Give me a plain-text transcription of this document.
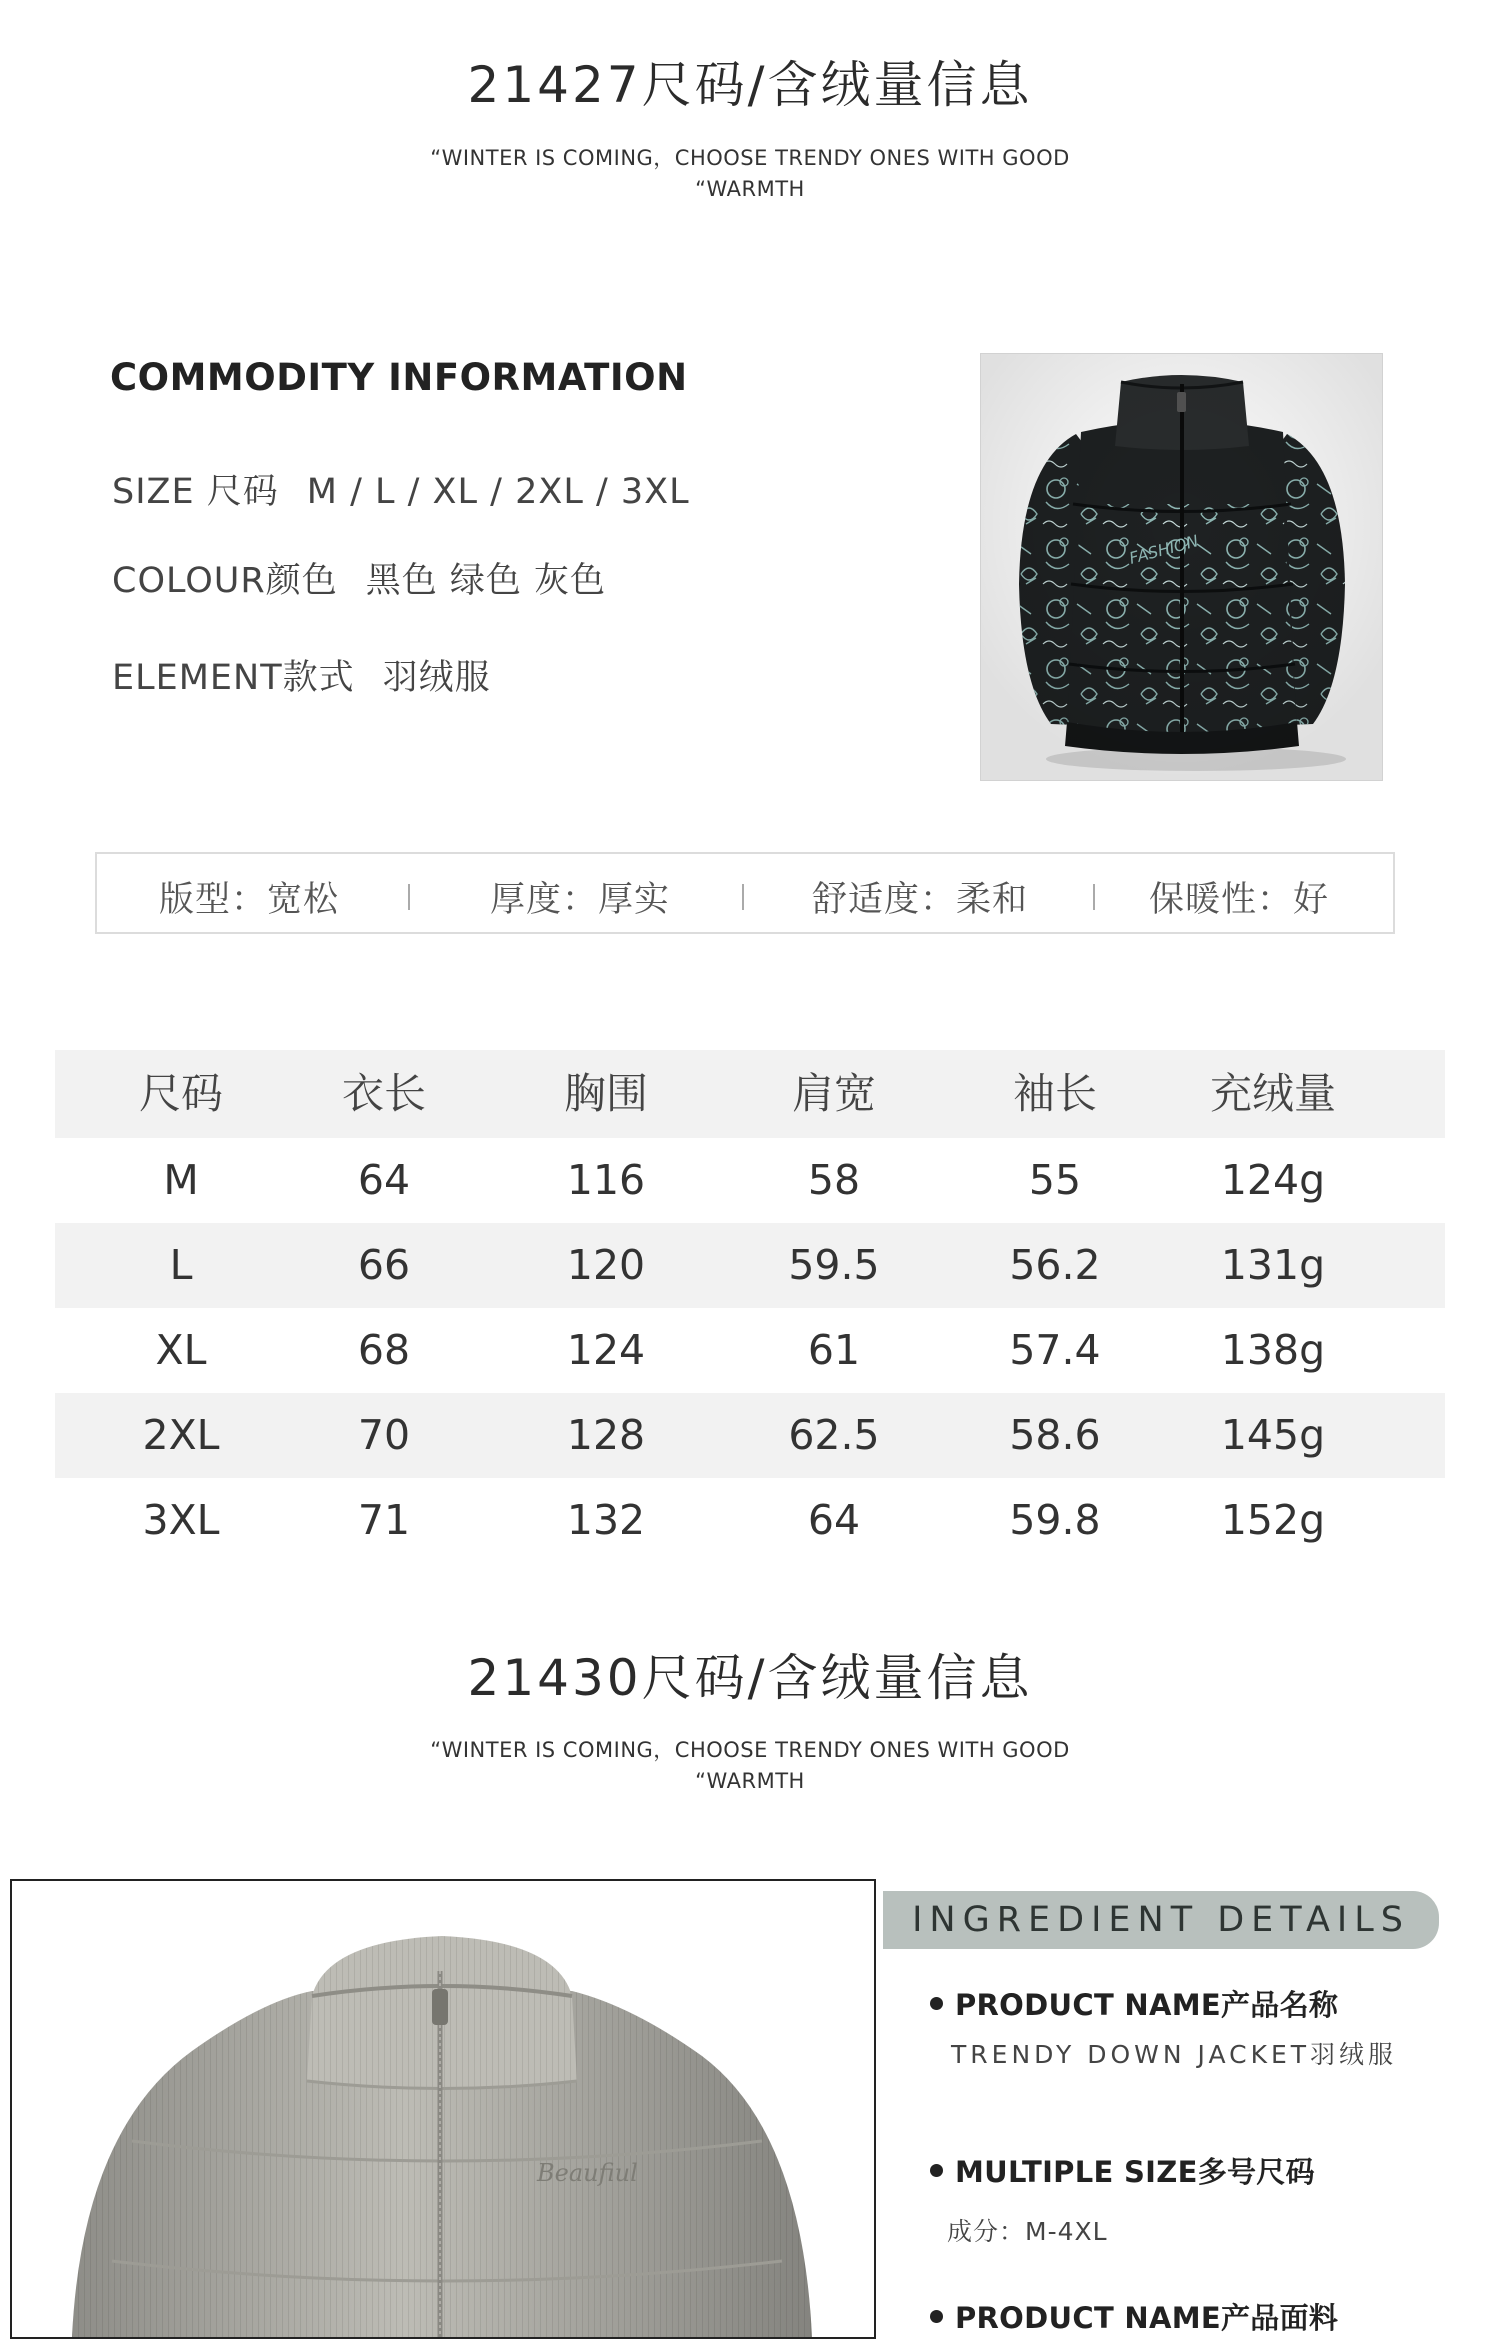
21427尺码/含绒量信息
“WINTER IS COMING，CHOOSE TRENDY ONES WITH GOOD
“WARMTH
COMMODITY INFORMATION
SIZE 尺码 M / L / XL / 2XL / 3XL
COLOUR颜色 黑色 绿色 灰色
ELEMENT款式 羽绒服
FASHION
版型：宽松	厚度：厚实	舒适度：柔和	保暖性：好
尺码	衣长	胸围	肩宽	袖长	充绒量
M	64	116	58	55	124g
L	66	120	59.5	56.2	131g
XL	68	124	61	57.4	138g
2XL	70	128	62.5	58.6	145g
3XL	71	132	64	59.8	152g
21430尺码/含绒量信息
“WINTER IS COMING，CHOOSE TRENDY ONES WITH GOOD
“WARMTH
Beaufiul
INGREDIENT DETAILS
PRODUCT NAME产品名称
TRENDY DOWN JACKET羽绒服
MULTIPLE SIZE多号尺码
成分：M-4XL
PRODUCT NAME产品面料
